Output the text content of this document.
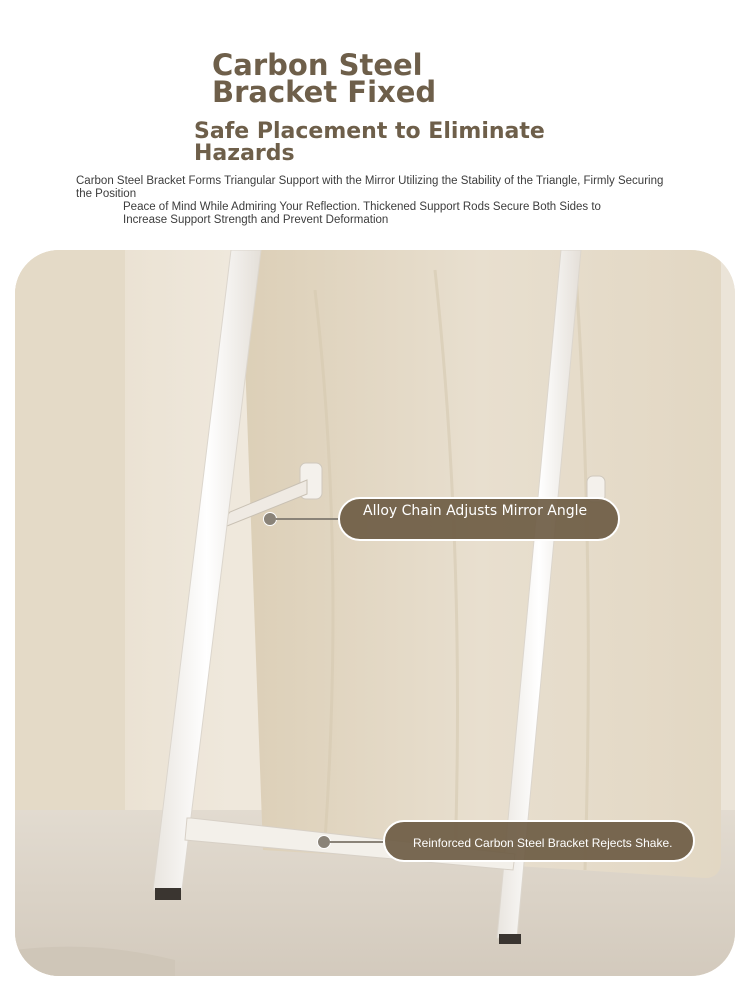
Carbon Steel Bracket Fixed
Safe Placement to Eliminate Hazards

Carbon Steel Bracket Forms Triangular Support with the Mirror Utilizing the Stability of the Triangle, Firmly Securing the Position

Peace of Mind While Admiring Your Reflection. Thickened Support Rods Secure Both Sides to Increase Support Strength and Prevent Deformation

Alloy Chain Adjusts Mirror Angle
Reinforced Carbon Steel Bracket Rejects Shake.
